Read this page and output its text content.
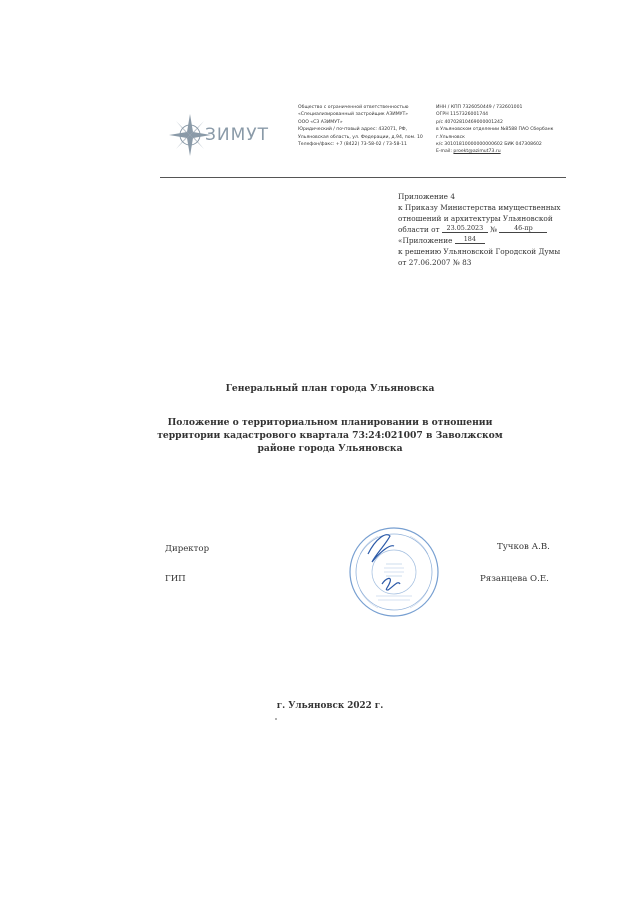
ЗИМУТ
Общество с ограниченной ответственностью
«Специализированный застройщик АЗИМУТ»
ООО «СЗ АЗИМУТ»
Юридический / почтовый адрес: 432071, РФ,
Ульяновская область, ул. Федерации, д.94, пом. 10
Телефон/факс: +7 (8422) 73-58-02 / 73-58-11
ИНН / КПП 7326050449 / 732601001
ОГРН 1157326001744
р/с 40702810469000001242
в Ульяновском отделении №8588 ПАО Сбербанк
г.Ульяновск
к/с 30101810000000000602 БИК 047308602
E-mail: proekt@azimut73.ru
Приложение 4
к Приказу Министерства имущественных
отношений и архитектуры Ульяновской
области от 23.05.2023 №	46-пр
«Приложение 184
к решению Ульяновской Городской Думы
от 27.06.2007 № 83
Генеральный план города Ульяновска
Положение о территориальном планировании в отношении
территории кадастрового квартала 73:24:021007 в Заволжском
районе города Ульяновска
Директор	Тучков А.В.
ГИП	Рязанцева О.Е.
г. Ульяновск 2022 г.
